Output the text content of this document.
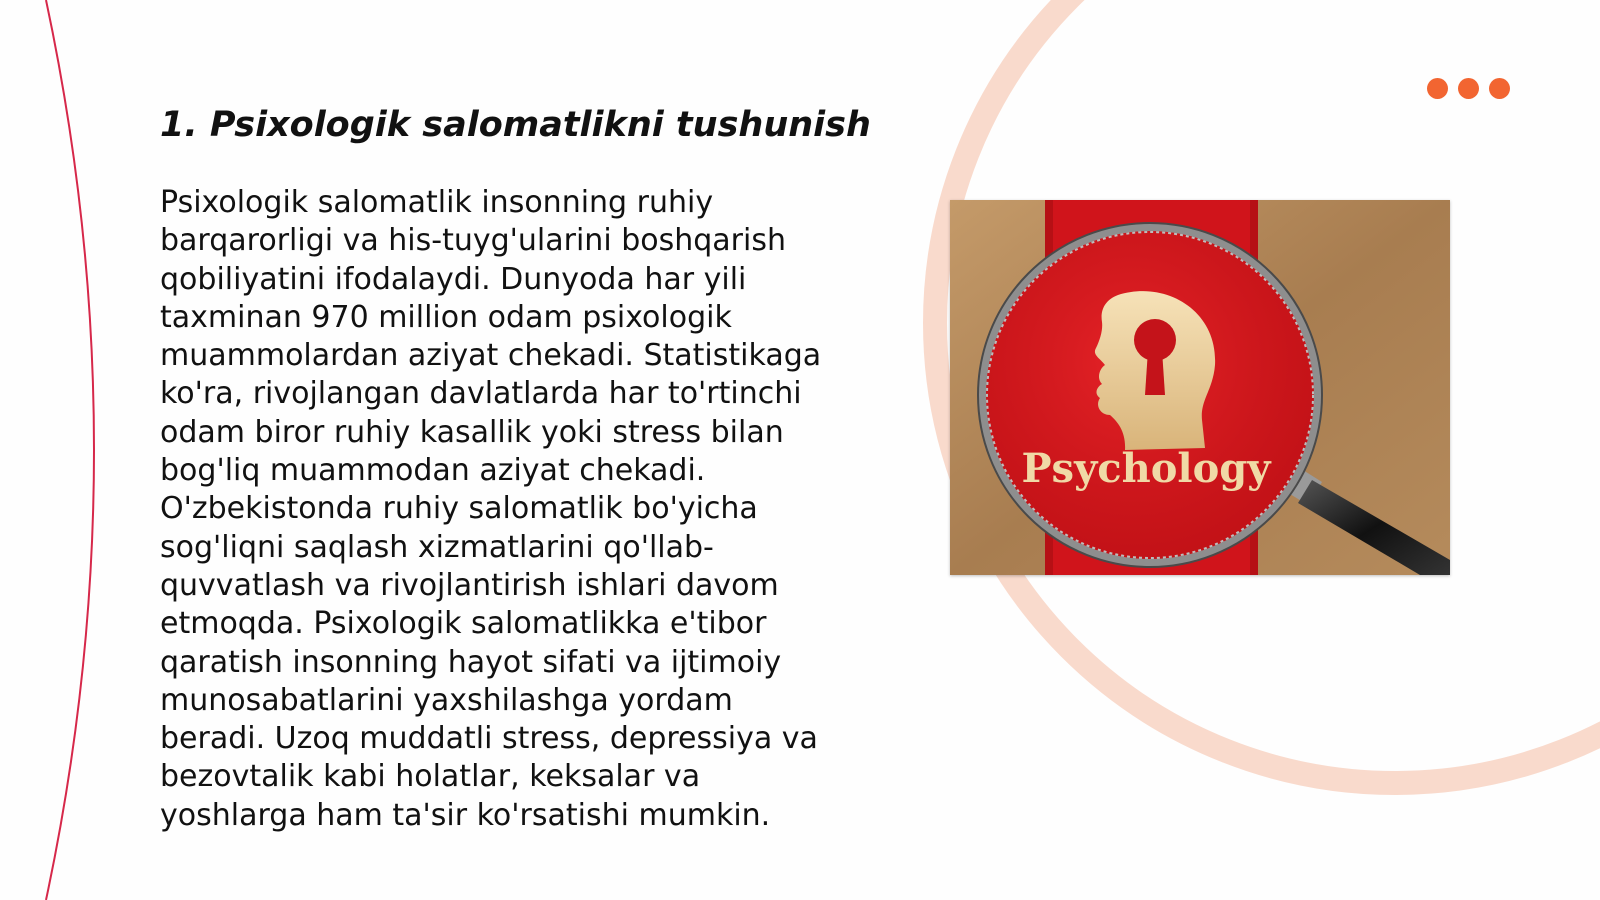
1. Psixologik salomatlikni tushunish

Psixologik salomatlik insonning ruhiy barqarorligi va his-tuyg'ularini boshqarish qobiliyatini ifodalaydi. Dunyoda har yili taxminan 970 million odam psixologik muammolardan aziyat chekadi. Statistikaga ko'ra, rivojlangan davlatlarda har to'rtinchi odam biror ruhiy kasallik yoki stress bilan bog'liq muammodan aziyat chekadi. O'zbekistonda ruhiy salomatlik bo'yicha sog'liqni saqlash xizmatlarini qo'llab-quvvatlash va rivojlantirish ishlari davom etmoqda. Psixologik salomatlikka e'tibor qaratish insonning hayot sifati va ijtimoiy munosabatlarini yaxshilashga yordam beradi. Uzoq muddatli stress, depressiya va bezovtalik kabi holatlar, keksalar va yoshlarga ham ta'sir ko'rsatishi mumkin.

Psychology
